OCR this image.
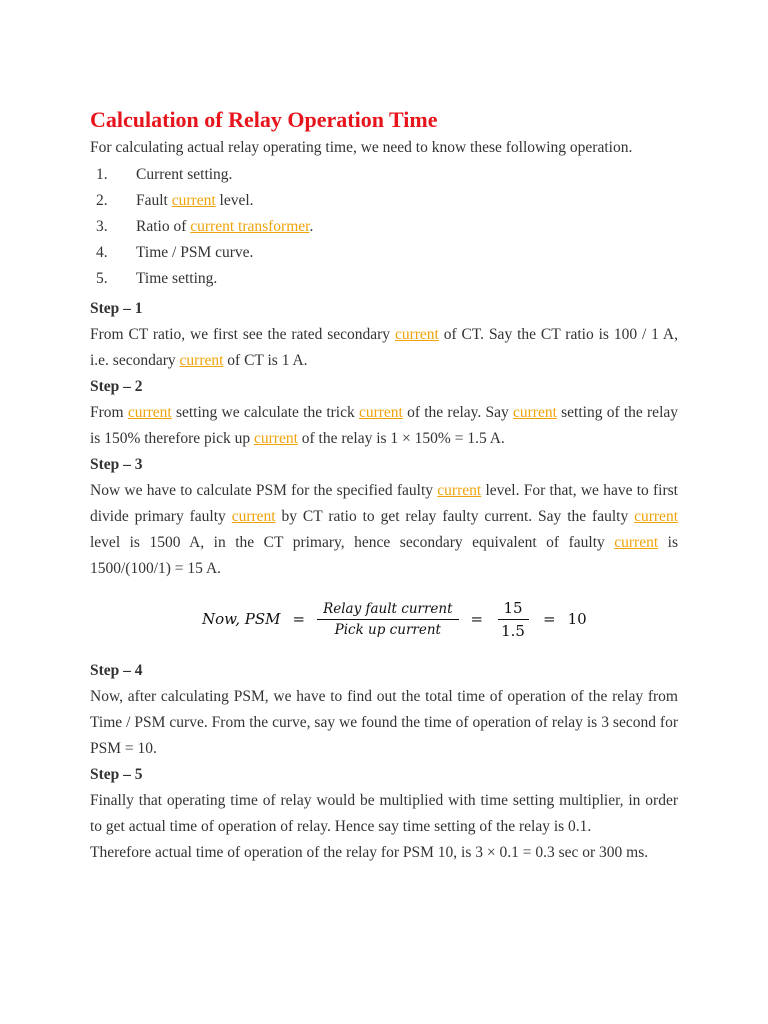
Calculation of Relay Operation Time

For calculating actual relay operating time, we need to know these following operation.

1.	Current setting.
2.	Fault current level.
3.	Ratio of current transformer.
4.	Time / PSM curve.
5.	Time setting.
Step – 1

From CT ratio, we first see the rated secondary current of CT. Say the CT ratio is 100 / 1 A, i.e. secondary current of CT is 1 A.

Step – 2

From current setting we calculate the trick current of the relay. Say current setting of the relay is 150% therefore pick up current of the relay is 1 × 150% = 1.5 A.

Step – 3

Now we have to calculate PSM for the specified faulty current level. For that, we have to first divide primary faulty current by CT ratio to get relay faulty current. Say the faulty current level is 1500 A, in the CT primary, hence secondary equivalent of faulty current is 1500/(100/1) = 15 A.

Now, PSM = $\frac{\text{Relay fault current}}{\text{Pick up current}} = \frac{15}{1.5} = 10$
Step – 4

Now, after calculating PSM, we have to find out the total time of operation of the relay from Time / PSM curve. From the curve, say we found the time of operation of relay is 3 second for PSM = 10.

Step – 5

Finally that operating time of relay would be multiplied with time setting multiplier, in order to get actual time of operation of relay. Hence say time setting of the relay is 0.1.

Therefore actual time of operation of the relay for PSM 10, is 3 × 0.1 = 0.3 sec or 300 ms.
